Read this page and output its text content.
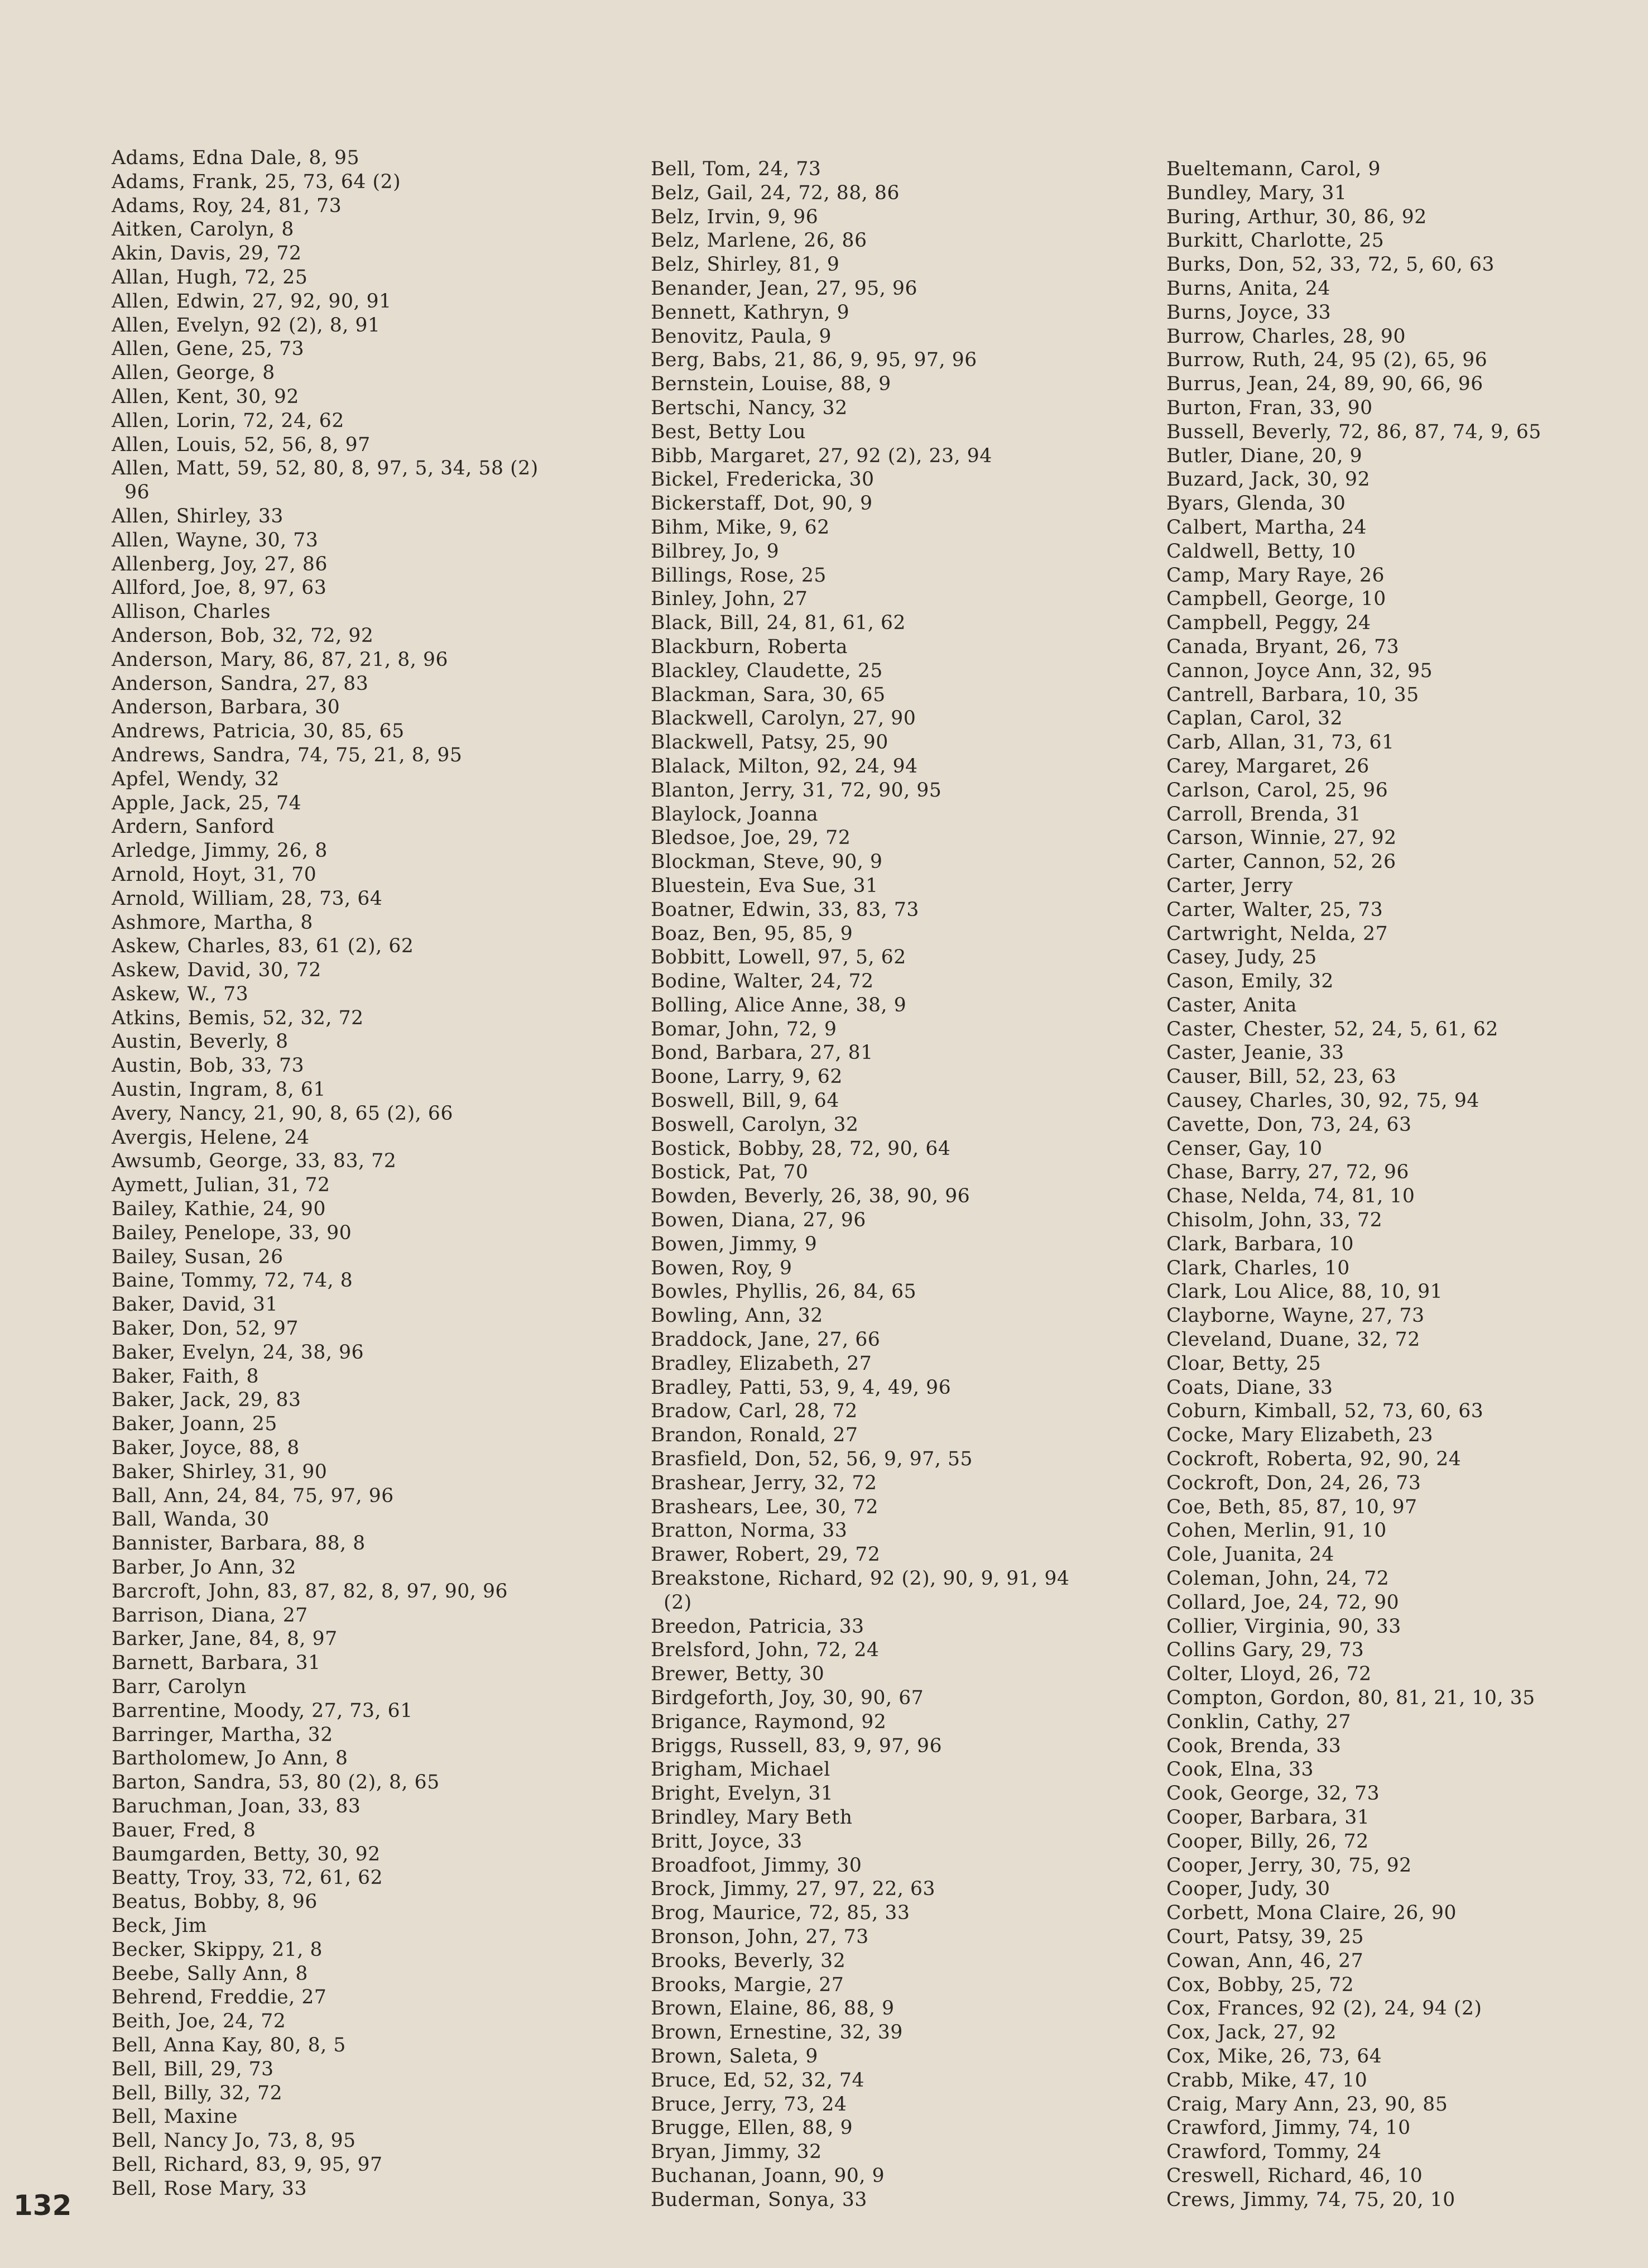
Adams, Edna Dale, 8, 95
Adams, Frank, 25, 73, 64 (2)
Adams, Roy, 24, 81, 73
Aitken, Carolyn, 8
Akin, Davis, 29, 72
Allan, Hugh, 72, 25
Allen, Edwin, 27, 92, 90, 91
Allen, Evelyn, 92 (2), 8, 91
Allen, Gene, 25, 73
Allen, George, 8
Allen, Kent, 30, 92
Allen, Lorin, 72, 24, 62
Allen, Louis, 52, 56, 8, 97
Allen, Matt, 59, 52, 80, 8, 97, 5, 34, 58 (2)
96
Allen, Shirley, 33
Allen, Wayne, 30, 73
Allenberg, Joy, 27, 86
Allford, Joe, 8, 97, 63
Allison, Charles
Anderson, Bob, 32, 72, 92
Anderson, Mary, 86, 87, 21, 8, 96
Anderson, Sandra, 27, 83
Anderson, Barbara, 30
Andrews, Patricia, 30, 85, 65
Andrews, Sandra, 74, 75, 21, 8, 95
Apfel, Wendy, 32
Apple, Jack, 25, 74
Ardern, Sanford
Arledge, Jimmy, 26, 8
Arnold, Hoyt, 31, 70
Arnold, William, 28, 73, 64
Ashmore, Martha, 8
Askew, Charles, 83, 61 (2), 62
Askew, David, 30, 72
Askew, W., 73
Atkins, Bemis, 52, 32, 72
Austin, Beverly, 8
Austin, Bob, 33, 73
Austin, Ingram, 8, 61
Avery, Nancy, 21, 90, 8, 65 (2), 66
Avergis, Helene, 24
Awsumb, George, 33, 83, 72
Aymett, Julian, 31, 72
Bailey, Kathie, 24, 90
Bailey, Penelope, 33, 90
Bailey, Susan, 26
Baine, Tommy, 72, 74, 8
Baker, David, 31
Baker, Don, 52, 97
Baker, Evelyn, 24, 38, 96
Baker, Faith, 8
Baker, Jack, 29, 83
Baker, Joann, 25
Baker, Joyce, 88, 8
Baker, Shirley, 31, 90
Ball, Ann, 24, 84, 75, 97, 96
Ball, Wanda, 30
Bannister, Barbara, 88, 8
Barber, Jo Ann, 32
Barcroft, John, 83, 87, 82, 8, 97, 90, 96
Barrison, Diana, 27
Barker, Jane, 84, 8, 97
Barnett, Barbara, 31
Barr, Carolyn
Barrentine, Moody, 27, 73, 61
Barringer, Martha, 32
Bartholomew, Jo Ann, 8
Barton, Sandra, 53, 80 (2), 8, 65
Baruchman, Joan, 33, 83
Bauer, Fred, 8
Baumgarden, Betty, 30, 92
Beatty, Troy, 33, 72, 61, 62
Beatus, Bobby, 8, 96
Beck, Jim
Becker, Skippy, 21, 8
Beebe, Sally Ann, 8
Behrend, Freddie, 27
Beith, Joe, 24, 72
Bell, Anna Kay, 80, 8, 5
Bell, Bill, 29, 73
Bell, Billy, 32, 72
Bell, Maxine
Bell, Nancy Jo, 73, 8, 95
Bell, Richard, 83, 9, 95, 97
Bell, Rose Mary, 33
Bell, Tom, 24, 73
Belz, Gail, 24, 72, 88, 86
Belz, Irvin, 9, 96
Belz, Marlene, 26, 86
Belz, Shirley, 81, 9
Benander, Jean, 27, 95, 96
Bennett, Kathryn, 9
Benovitz, Paula, 9
Berg, Babs, 21, 86, 9, 95, 97, 96
Bernstein, Louise, 88, 9
Bertschi, Nancy, 32
Best, Betty Lou
Bibb, Margaret, 27, 92 (2), 23, 94
Bickel, Fredericka, 30
Bickerstaff, Dot, 90, 9
Bihm, Mike, 9, 62
Bilbrey, Jo, 9
Billings, Rose, 25
Binley, John, 27
Black, Bill, 24, 81, 61, 62
Blackburn, Roberta
Blackley, Claudette, 25
Blackman, Sara, 30, 65
Blackwell, Carolyn, 27, 90
Blackwell, Patsy, 25, 90
Blalack, Milton, 92, 24, 94
Blanton, Jerry, 31, 72, 90, 95
Blaylock, Joanna
Bledsoe, Joe, 29, 72
Blockman, Steve, 90, 9
Bluestein, Eva Sue, 31
Boatner, Edwin, 33, 83, 73
Boaz, Ben, 95, 85, 9
Bobbitt, Lowell, 97, 5, 62
Bodine, Walter, 24, 72
Bolling, Alice Anne, 38, 9
Bomar, John, 72, 9
Bond, Barbara, 27, 81
Boone, Larry, 9, 62
Boswell, Bill, 9, 64
Boswell, Carolyn, 32
Bostick, Bobby, 28, 72, 90, 64
Bostick, Pat, 70
Bowden, Beverly, 26, 38, 90, 96
Bowen, Diana, 27, 96
Bowen, Jimmy, 9
Bowen, Roy, 9
Bowles, Phyllis, 26, 84, 65
Bowling, Ann, 32
Braddock, Jane, 27, 66
Bradley, Elizabeth, 27
Bradley, Patti, 53, 9, 4, 49, 96
Bradow, Carl, 28, 72
Brandon, Ronald, 27
Brasfield, Don, 52, 56, 9, 97, 55
Brashear, Jerry, 32, 72
Brashears, Lee, 30, 72
Bratton, Norma, 33
Brawer, Robert, 29, 72
Breakstone, Richard, 92 (2), 90, 9, 91, 94
(2)
Breedon, Patricia, 33
Brelsford, John, 72, 24
Brewer, Betty, 30
Birdgeforth, Joy, 30, 90, 67
Brigance, Raymond, 92
Briggs, Russell, 83, 9, 97, 96
Brigham, Michael
Bright, Evelyn, 31
Brindley, Mary Beth
Britt, Joyce, 33
Broadfoot, Jimmy, 30
Brock, Jimmy, 27, 97, 22, 63
Brog, Maurice, 72, 85, 33
Bronson, John, 27, 73
Brooks, Beverly, 32
Brooks, Margie, 27
Brown, Elaine, 86, 88, 9
Brown, Ernestine, 32, 39
Brown, Saleta, 9
Bruce, Ed, 52, 32, 74
Bruce, Jerry, 73, 24
Brugge, Ellen, 88, 9
Bryan, Jimmy, 32
Buchanan, Joann, 90, 9
Buderman, Sonya, 33
Bueltemann, Carol, 9
Bundley, Mary, 31
Buring, Arthur, 30, 86, 92
Burkitt, Charlotte, 25
Burks, Don, 52, 33, 72, 5, 60, 63
Burns, Anita, 24
Burns, Joyce, 33
Burrow, Charles, 28, 90
Burrow, Ruth, 24, 95 (2), 65, 96
Burrus, Jean, 24, 89, 90, 66, 96
Burton, Fran, 33, 90
Bussell, Beverly, 72, 86, 87, 74, 9, 65
Butler, Diane, 20, 9
Buzard, Jack, 30, 92
Byars, Glenda, 30
Calbert, Martha, 24
Caldwell, Betty, 10
Camp, Mary Raye, 26
Campbell, George, 10
Campbell, Peggy, 24
Canada, Bryant, 26, 73
Cannon, Joyce Ann, 32, 95
Cantrell, Barbara, 10, 35
Caplan, Carol, 32
Carb, Allan, 31, 73, 61
Carey, Margaret, 26
Carlson, Carol, 25, 96
Carroll, Brenda, 31
Carson, Winnie, 27, 92
Carter, Cannon, 52, 26
Carter, Jerry
Carter, Walter, 25, 73
Cartwright, Nelda, 27
Casey, Judy, 25
Cason, Emily, 32
Caster, Anita
Caster, Chester, 52, 24, 5, 61, 62
Caster, Jeanie, 33
Causer, Bill, 52, 23, 63
Causey, Charles, 30, 92, 75, 94
Cavette, Don, 73, 24, 63
Censer, Gay, 10
Chase, Barry, 27, 72, 96
Chase, Nelda, 74, 81, 10
Chisolm, John, 33, 72
Clark, Barbara, 10
Clark, Charles, 10
Clark, Lou Alice, 88, 10, 91
Clayborne, Wayne, 27, 73
Cleveland, Duane, 32, 72
Cloar, Betty, 25
Coats, Diane, 33
Coburn, Kimball, 52, 73, 60, 63
Cocke, Mary Elizabeth, 23
Cockroft, Roberta, 92, 90, 24
Cockroft, Don, 24, 26, 73
Coe, Beth, 85, 87, 10, 97
Cohen, Merlin, 91, 10
Cole, Juanita, 24
Coleman, John, 24, 72
Collard, Joe, 24, 72, 90
Collier, Virginia, 90, 33
Collins Gary, 29, 73
Colter, Lloyd, 26, 72
Compton, Gordon, 80, 81, 21, 10, 35
Conklin, Cathy, 27
Cook, Brenda, 33
Cook, Elna, 33
Cook, George, 32, 73
Cooper, Barbara, 31
Cooper, Billy, 26, 72
Cooper, Jerry, 30, 75, 92
Cooper, Judy, 30
Corbett, Mona Claire, 26, 90
Court, Patsy, 39, 25
Cowan, Ann, 46, 27
Cox, Bobby, 25, 72
Cox, Frances, 92 (2), 24, 94 (2)
Cox, Jack, 27, 92
Cox, Mike, 26, 73, 64
Crabb, Mike, 47, 10
Craig, Mary Ann, 23, 90, 85
Crawford, Jimmy, 74, 10
Crawford, Tommy, 24
Creswell, Richard, 46, 10
Crews, Jimmy, 74, 75, 20, 10
132
